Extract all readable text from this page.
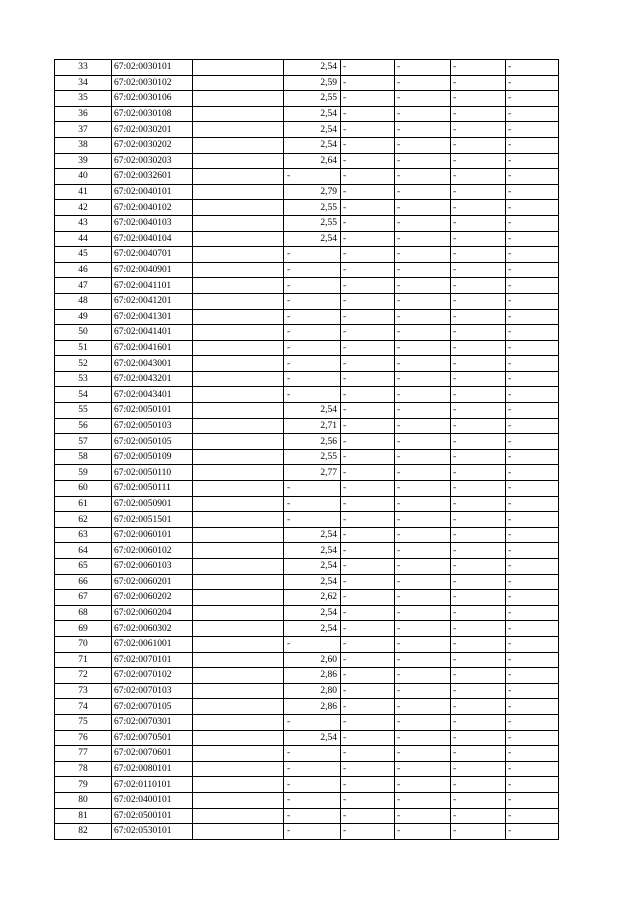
33	67:02:0030101		2,54	-	-	-	-
34	67:02:0030102		2,59	-	-	-	-
35	67:02:0030106		2,55	-	-	-	-
36	67:02:0030108		2,54	-	-	-	-
37	67:02:0030201		2,54	-	-	-	-
38	67:02:0030202		2,54	-	-	-	-
39	67:02:0030203		2,64	-	-	-	-
40	67:02:0032601		-	-	-	-	-
41	67:02:0040101		2,79	-	-	-	-
42	67:02:0040102		2,55	-	-	-	-
43	67:02:0040103		2,55	-	-	-	-
44	67:02:0040104		2,54	-	-	-	-
45	67:02:0040701		-	-	-	-	-
46	67:02:0040901		-	-	-	-	-
47	67:02:0041101		-	-	-	-	-
48	67:02:0041201		-	-	-	-	-
49	67:02:0041301		-	-	-	-	-
50	67:02:0041401		-	-	-	-	-
51	67:02:0041601		-	-	-	-	-
52	67:02:0043001		-	-	-	-	-
53	67:02:0043201		-	-	-	-	-
54	67:02:0043401		-	-	-	-	-
55	67:02:0050101		2,54	-	-	-	-
56	67:02:0050103		2,71	-	-	-	-
57	67:02:0050105		2,56	-	-	-	-
58	67:02:0050109		2,55	-	-	-	-
59	67:02:0050110		2,77	-	-	-	-
60	67:02:0050111		-	-	-	-	-
61	67:02:0050901		-	-	-	-	-
62	67:02:0051501		-	-	-	-	-
63	67:02:0060101		2,54	-	-	-	-
64	67:02:0060102		2,54	-	-	-	-
65	67:02:0060103		2,54	-	-	-	-
66	67:02:0060201		2,54	-	-	-	-
67	67:02:0060202		2,62	-	-	-	-
68	67:02:0060204		2,54	-	-	-	-
69	67:02:0060302		2,54	-	-	-	-
70	67:02:0061001		-	-	-	-	-
71	67:02:0070101		2,60	-	-	-	-
72	67:02:0070102		2,86	-	-	-	-
73	67:02:0070103		2,80	-	-	-	-
74	67:02:0070105		2,86	-	-	-	-
75	67:02:0070301		-	-	-	-	-
76	67:02:0070501		2,54	-	-	-	-
77	67:02:0070601		-	-	-	-	-
78	67:02:0080101		-	-	-	-	-
79	67:02:0110101		-	-	-	-	-
80	67:02:0400101		-	-	-	-	-
81	67:02:0500101		-	-	-	-	-
82	67:02:0530101		-	-	-	-	-
